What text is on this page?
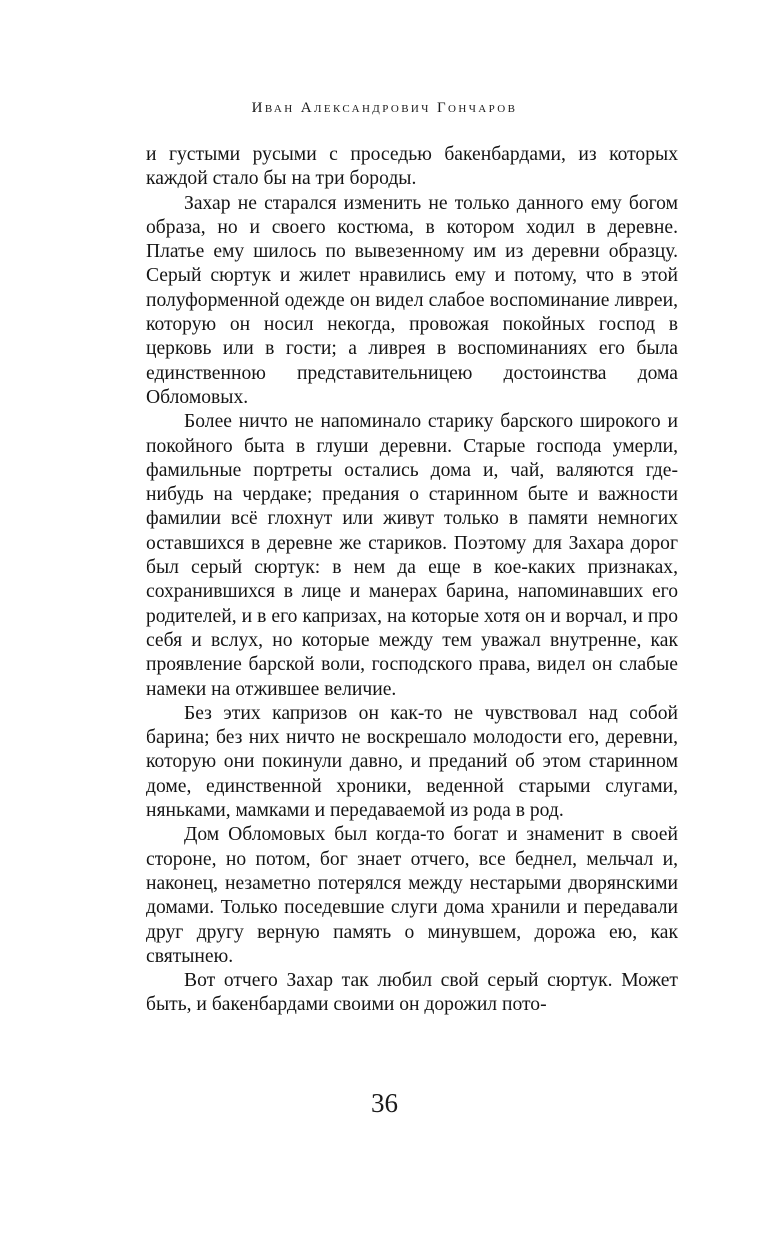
Иван Александрович Гончаров

и густыми русыми с проседью бакенбардами, из которых каждой стало бы на три бороды.

Захар не старался изменить не только данного ему богом образа, но и своего костюма, в котором ходил в деревне. Платье ему шилось по вывезенному им из деревни образцу. Серый сюртук и жилет нравились ему и потому, что в этой полуформенной одежде он видел слабое воспоминание ливреи, которую он носил некогда, провожая покойных господ в церковь или в гости; а ливрея в воспоминаниях его была единственною представительницею достоинства дома Обломовых.

Более ничто не напоминало старику барского широкого и покойного быта в глуши деревни. Старые господа умерли, фамильные портреты остались дома и, чай, валяются где-нибудь на чердаке; предания о старинном быте и важности фамилии всё глохнут или живут только в памяти немногих оставшихся в деревне же стариков. Поэтому для Захара дорог был серый сюртук: в нем да еще в кое-каких признаках, сохранившихся в лице и манерах барина, напоминавших его родителей, и в его капризах, на которые хотя он и ворчал, и про себя и вслух, но которые между тем уважал внутренне, как проявление барской воли, господского права, видел он слабые намеки на отжившее величие.

Без этих капризов он как-то не чувствовал над собой барина; без них ничто не воскрешало молодости его, деревни, которую они покинули давно, и преданий об этом старинном доме, единственной хроники, веденной старыми слугами, няньками, мамками и передаваемой из рода в род.

Дом Обломовых был когда-то богат и знаменит в своей стороне, но потом, бог знает отчего, все беднел, мельчал и, наконец, незаметно потерялся между нестарыми дворянскими домами. Только поседевшие слуги дома хранили и передавали друг другу верную память о минувшем, дорожа ею, как святынею.

Вот отчего Захар так любил свой серый сюртук. Может быть, и бакенбардами своими он дорожил пото-

36
